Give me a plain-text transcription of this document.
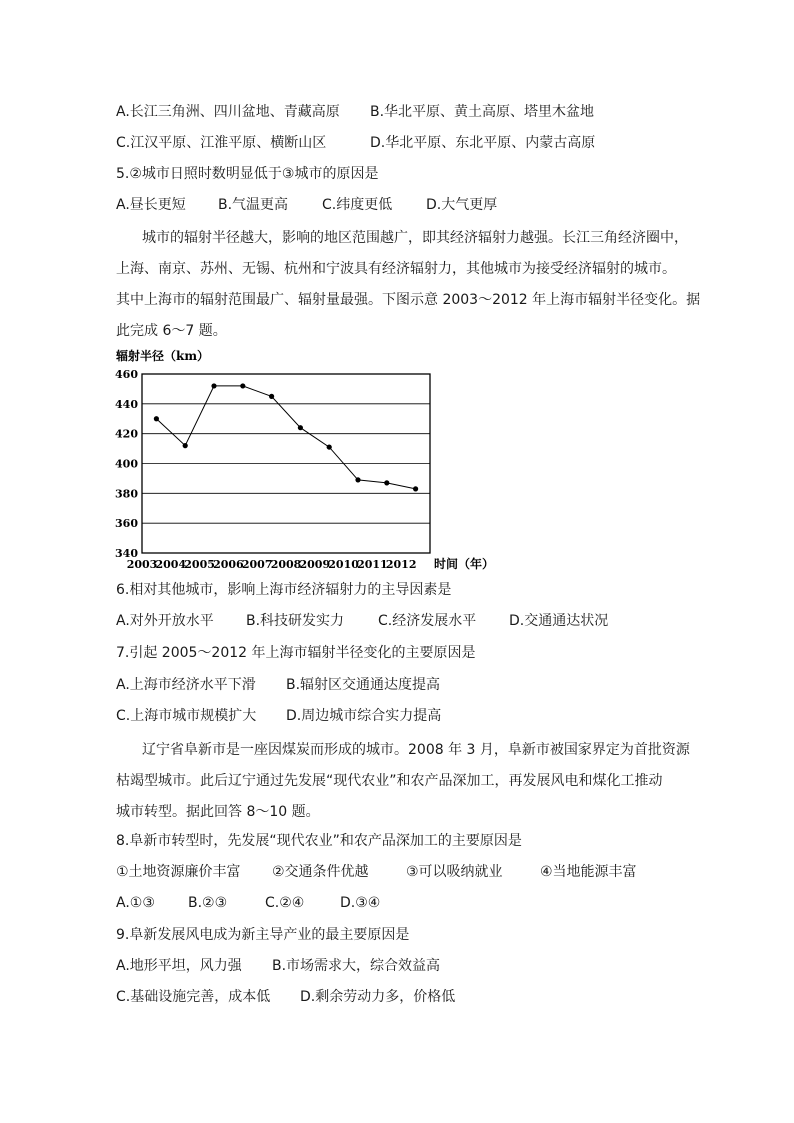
A.长江三角洲、四川盆地、青藏高原 B.华北平原、黄土高原、塔里木盆地
C.江汉平原、江淮平原、横断山区	D.华北平原、东北平原、内蒙古高原
5.②城市日照时数明显低于③城市的原因是
A.昼长更短 B.气温更高 C.纬度更低 D.大气更厚
城市的辐射半径越大，影响的地区范围越广，即其经济辐射力越强。长江三角经济圈中，
上海、南京、苏州、无锡、杭州和宁波具有经济辐射力，其他城市为接受经济辐射的城市。
其中上海市的辐射范围最广、辐射量最强。下图示意 2003～2012 年上海市辐射半径变化。据
此完成 6～7 题。
辐射半径（km）
460
440
420
400
380
360
340
2003
2004
2005
2006
2007
2008
2009
2010
2011
2012 时间（年）
6.相对其他城市，影响上海市经济辐射力的主导因素是
A.对外开放水平 B.科技研发实力 C.经济发展水平 D.交通通达状况
7.引起 2005～2012 年上海市辐射半径变化的主要原因是
A.上海市经济水平下滑 B.辐射区交通通达度提高
C.上海市城市规模扩大 D.周边城市综合实力提高
辽宁省阜新市是一座因煤炭而形成的城市。2008 年 3 月，阜新市被国家界定为首批资源
枯竭型城市。此后辽宁通过先发展“现代农业”和农产品深加工，再发展风电和煤化工推动
城市转型。据此回答 8～10 题。
8.阜新市转型时，先发展“现代农业”和农产品深加工的主要原因是
①土地资源廉价丰富 ②交通条件优越	③可以吸纳就业	④当地能源丰富
A.①③ B.②③	C.②④	D.③④
9.阜新发展风电成为新主导产业的最主要原因是
A.地形平坦，风力强 B.市场需求大，综合效益高
C.基础设施完善，成本低 D.剩余劳动力多，价格低
